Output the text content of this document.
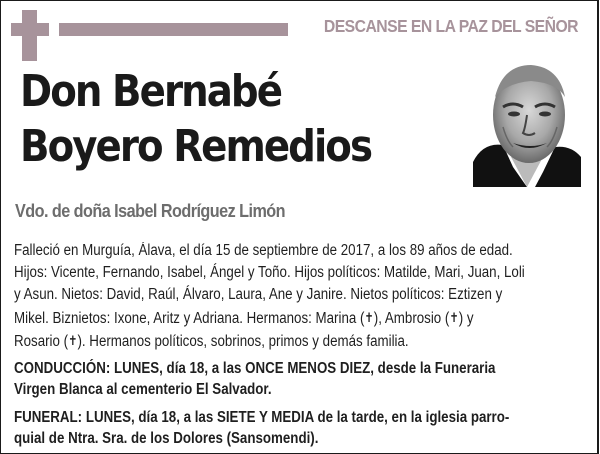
DESCANSE EN LA PAZ DEL SEÑOR
Don Bernabé
Boyero Remedios
Vdo. de doña Isabel Rodríguez Limón

Falleció en Murguía, Álava, el día 15 de septiembre de 2017, a los 89 años de edad.

Hijos: Vicente, Fernando, Isabel, Ángel y Toño. Hijos políticos: Matilde, Mari, Juan, Loli

y Asun. Nietos: David, Raúl, Álvaro, Laura, Ane y Janire. Nietos políticos: Eztizen y

Mikel. Biznietos: Ixone, Aritz y Adriana. Hermanos: Marina (✝), Ambrosio (✝) y

Rosario (✝). Hermanos políticos, sobrinos, primos y demás familia.

CONDUCCIÓN: LUNES, día 18, a las ONCE MENOS DIEZ, desde la Funeraria

Virgen Blanca al cementerio El Salvador.

FUNERAL: LUNES, día 18, a las SIETE Y MEDIA de la tarde, en la iglesia parro-

quial de Ntra. Sra. de los Dolores (Sansomendi).
